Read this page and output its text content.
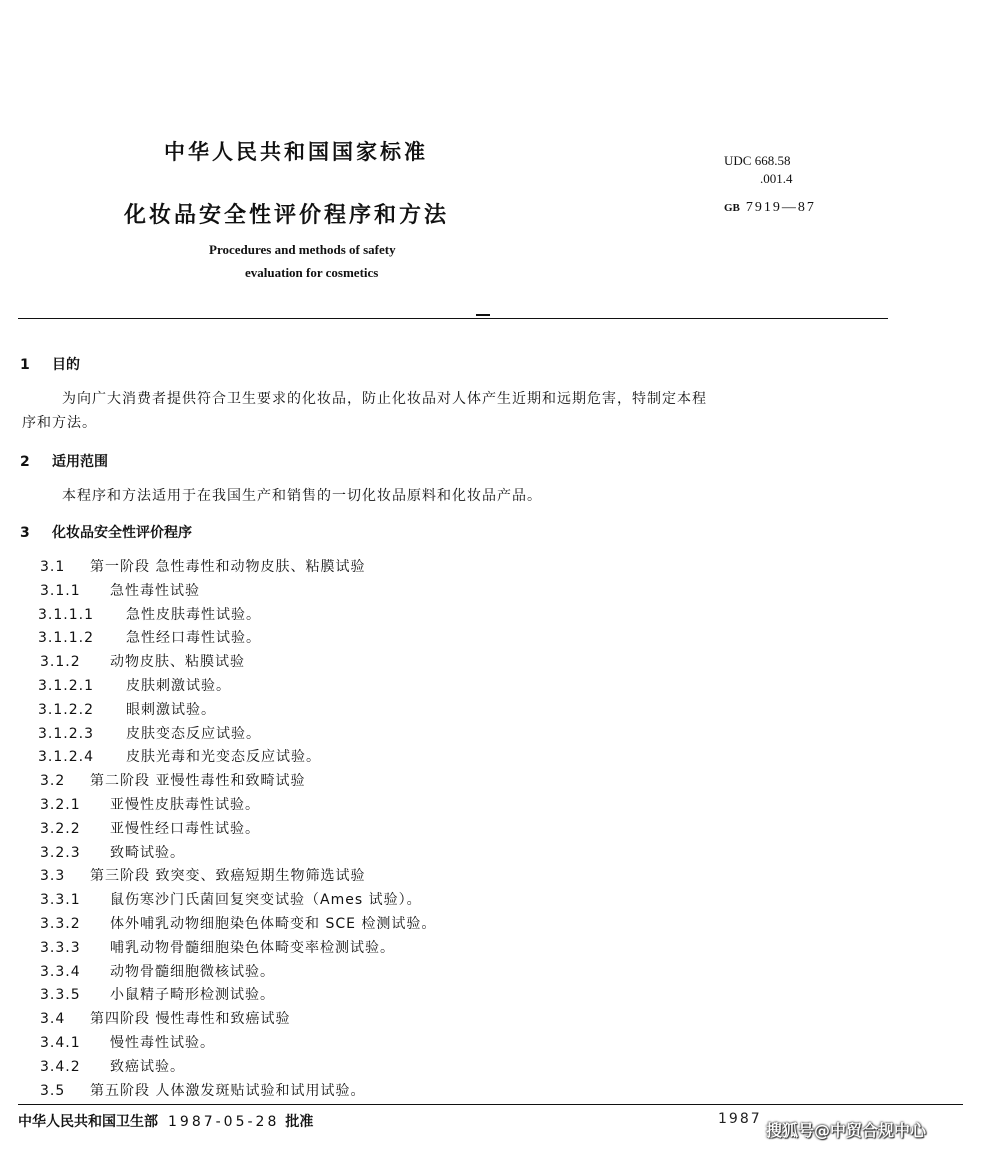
中华人民共和国国家标准
化妆品安全性评价程序和方法
Procedures and methods of safety
evaluation for cosmetics
UDC 668.58
.001.4
GB 7919—87
1 目的
为向广大消费者提供符合卫生要求的化妆品，防止化妆品对人体产生近期和远期危害，特制定本程
序和方法。
2 适用范围
本程序和方法适用于在我国生产和销售的一切化妆品原料和化妆品产品。
3 化妆品安全性评价程序
3.1 第一阶段 急性毒性和动物皮肤、粘膜试验
3.1.1 急性毒性试验
3.1.1.1 急性皮肤毒性试验。
3.1.1.2 急性经口毒性试验。
3.1.2 动物皮肤、粘膜试验
3.1.2.1 皮肤刺激试验。
3.1.2.2 眼刺激试验。
3.1.2.3 皮肤变态反应试验。
3.1.2.4 皮肤光毒和光变态反应试验。
3.2 第二阶段 亚慢性毒性和致畸试验
3.2.1 亚慢性皮肤毒性试验。
3.2.2 亚慢性经口毒性试验。
3.2.3 致畸试验。
3.3 第三阶段 致突变、致癌短期生物筛选试验
3.3.1 鼠伤寒沙门氏菌回复突变试验（Ames 试验）。
3.3.2 体外哺乳动物细胞染色体畸变和 SCE 检测试验。
3.3.3 哺乳动物骨髓细胞染色体畸变率检测试验。
3.3.4 动物骨髓细胞微核试验。
3.3.5 小鼠精子畸形检测试验。
3.4 第四阶段 慢性毒性和致癌试验
3.4.1 慢性毒性试验。
3.4.2 致癌试验。
3.5 第五阶段 人体激发斑贴试验和试用试验。
中华人民共和国卫生部 1987-05-28 批准	1987
搜狐号@中贸合规中心
